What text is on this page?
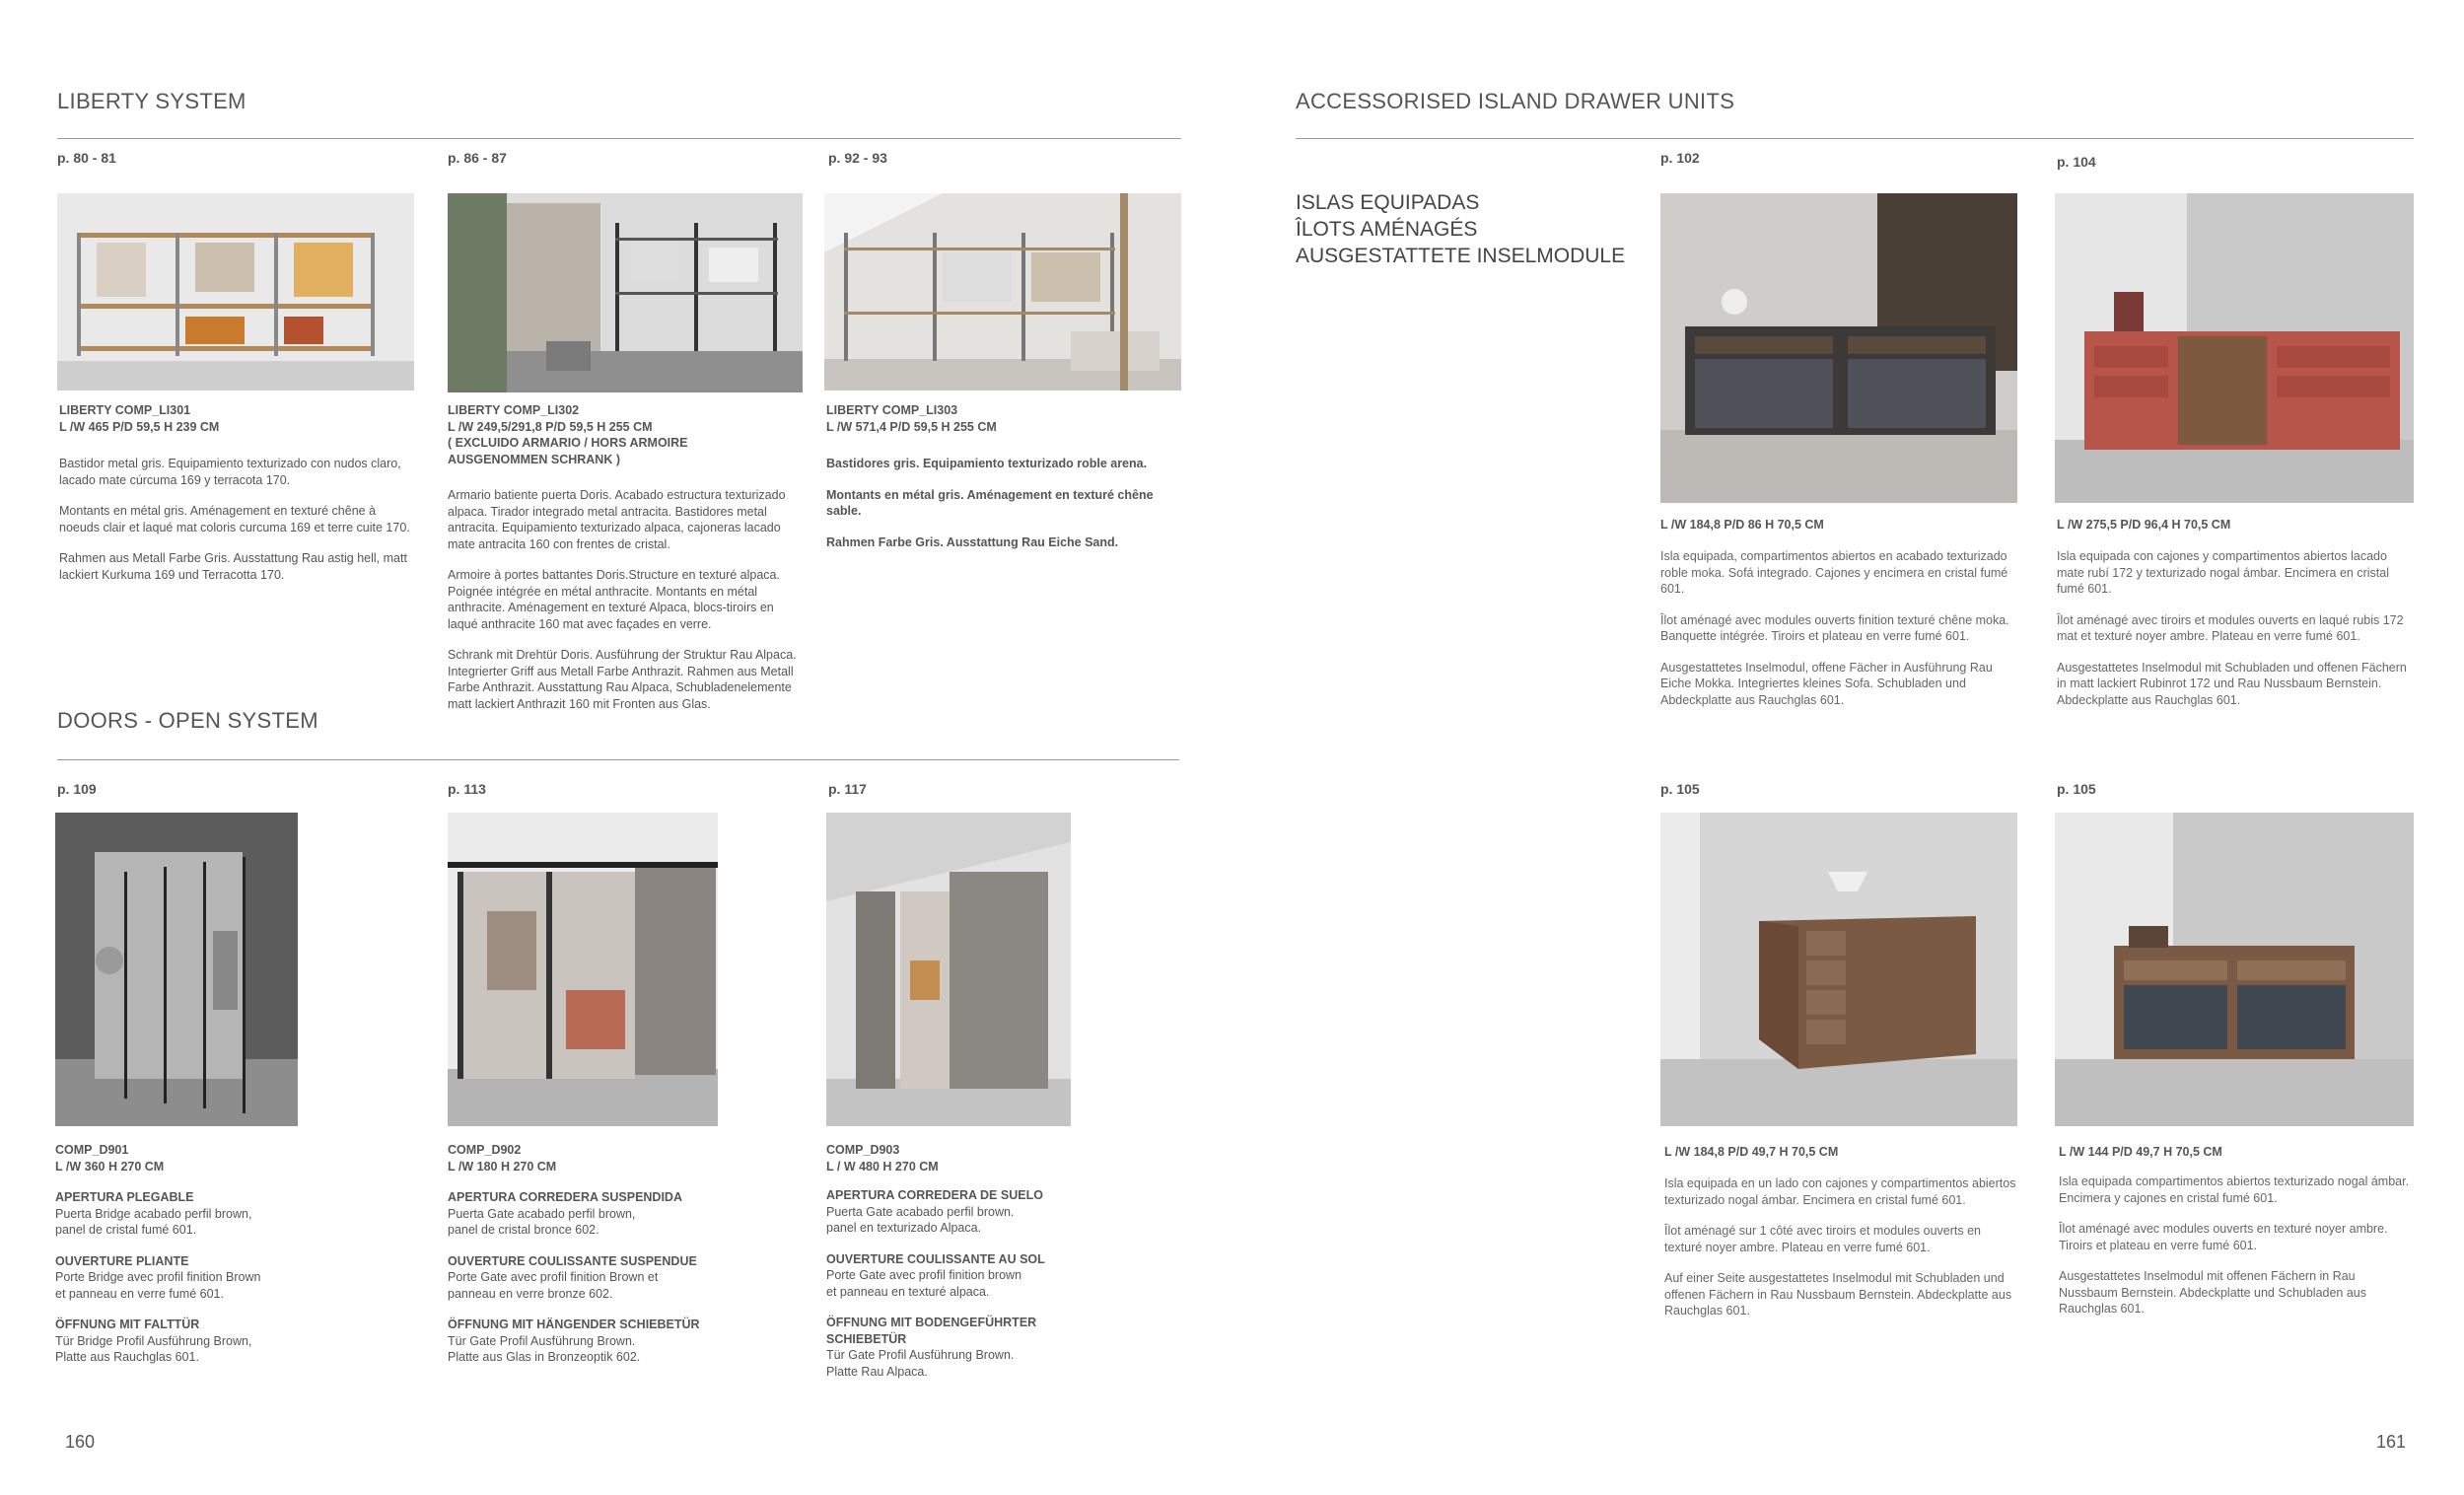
LIBERTY SYSTEM
p. 80 - 81
LIBERTY COMP_LI301
L /W 465 P/D 59,5 H 239 CM

Bastidor metal gris. Equipamiento texturizado con nudos claro, lacado mate cúrcuma 169 y terracota 170.

Montants en métal gris. Aménagement en texturé chêne à noeuds clair et laqué mat coloris curcuma 169 et terre cuite 170.

Rahmen aus Metall Farbe Gris. Ausstattung Rau astig hell, matt lackiert Kurkuma 169 und Terracotta 170.

p. 86 - 87
LIBERTY COMP_LI302
L /W 249,5/291,8 P/D 59,5 H 255 CM
( EXCLUIDO ARMARIO / HORS ARMOIRE
AUSGENOMMEN SCHRANK )

Armario batiente puerta Doris. Acabado estructura texturizado alpaca. Tirador integrado metal antracita. Bastidores metal antracita. Equipamiento texturizado alpaca, cajoneras lacado mate antracita 160 con frentes de cristal.

Armoire à portes battantes Doris.Structure en texturé alpaca. Poignée intégrée en métal anthracite. Montants en métal anthracite. Aménagement en texturé Alpaca, blocs-tiroirs en laqué anthracite 160 mat avec façades en verre.

Schrank mit Drehtür Doris. Ausführung der Struktur Rau Alpaca. Integrierter Griff aus Metall Farbe Anthrazit. Rahmen aus Metall Farbe Anthrazit. Ausstattung Rau Alpaca, Schubladenelemente matt lackiert Anthrazit 160 mit Fronten aus Glas.

p. 92 - 93
LIBERTY COMP_LI303
L /W 571,4 P/D 59,5 H 255 CM

Bastidores gris. Equipamiento texturizado roble arena.

Montants en métal gris. Aménagement en texturé chêne sable.

Rahmen Farbe Gris. Ausstattung Rau Eiche Sand.

DOORS - OPEN SYSTEM
p. 109
COMP_D901
L /W 360 H 270 CM

APERTURA PLEGABLE
Puerta Bridge acabado perfil brown,
panel de cristal fumé 601.

OUVERTURE PLIANTE
Porte Bridge avec profil finition Brown
et panneau en verre fumé 601.

ÖFFNUNG MIT FALTTÜR
Tür Bridge Profil Ausführung Brown,
Platte aus Rauchglas 601.

p. 113
COMP_D902
L /W 180 H 270 CM

APERTURA CORREDERA SUSPENDIDA
Puerta Gate acabado perfil brown,
panel de cristal bronce 602.

OUVERTURE COULISSANTE SUSPENDUE
Porte Gate avec profil finition Brown et
panneau en verre bronze 602.

ÖFFNUNG MIT HÄNGENDER SCHIEBETÜR
Tür Gate Profil Ausführung Brown.
Platte aus Glas in Bronzeoptik 602.

p. 117
COMP_D903
L / W 480 H 270 CM

APERTURA CORREDERA DE SUELO
Puerta Gate acabado perfil brown.
panel en texturizado Alpaca.

OUVERTURE COULISSANTE AU SOL
Porte Gate avec profil finition brown
et panneau en texturé alpaca.

ÖFFNUNG MIT BODENGEFÜHRTER SCHIEBETÜR
Tür Gate Profil Ausführung Brown.
Platte Rau Alpaca.

160
ACCESSORISED ISLAND DRAWER UNITS
ISLAS EQUIPADAS
ÎLOTS AMÉNAGÉS
AUSGESTATTETE INSELMODULE
p. 102
L /W 184,8 P/D 86 H 70,5 CM

Isla equipada, compartimentos abiertos en acabado texturizado roble moka. Sofá integrado. Cajones y encimera en cristal fumé 601.

Îlot aménagé avec modules ouverts finition texturé chêne moka. Banquette intégrée. Tiroirs et plateau en verre fumé 601.

Ausgestattetes Inselmodul, offene Fächer in Ausführung Rau Eiche Mokka. Integriertes kleines Sofa. Schubladen und Abdeckplatte aus Rauchglas 601.

p. 104
L /W 275,5 P/D 96,4 H 70,5 CM

Isla equipada con cajones y compartimentos abiertos lacado mate rubí 172 y texturizado nogal ámbar. Encimera en cristal fumé 601.

Îlot aménagé avec tiroirs et modules ouverts en laqué rubis 172 mat et texturé noyer ambre. Plateau en verre fumé 601.

Ausgestattetes Inselmodul mit Schubladen und offenen Fächern in matt lackiert Rubinrot 172 und Rau Nussbaum Bernstein. Abdeckplatte aus Rauchglas 601.

p. 105
L /W 184,8 P/D 49,7 H 70,5 CM

Isla equipada en un lado con cajones y compartimentos abiertos texturizado nogal ámbar. Encimera en cristal fumé 601.

Îlot aménagé sur 1 côté avec tiroirs et modules ouverts en texturé noyer ambre. Plateau en verre fumé 601.

Auf einer Seite ausgestattetes Inselmodul mit Schubladen und offenen Fächern in Rau Nussbaum Bernstein. Abdeckplatte aus Rauchglas 601.

p. 105
L /W 144 P/D 49,7 H 70,5 CM

Isla equipada compartimentos abiertos texturizado nogal ámbar. Encimera y cajones en cristal fumé 601.

Îlot aménagé avec modules ouverts en texturé noyer ambre. Tiroirs et plateau en verre fumé 601.

Ausgestattetes Inselmodul mit offenen Fächern in Rau Nussbaum Bernstein. Abdeckplatte und Schubladen aus Rauchglas 601.

161
